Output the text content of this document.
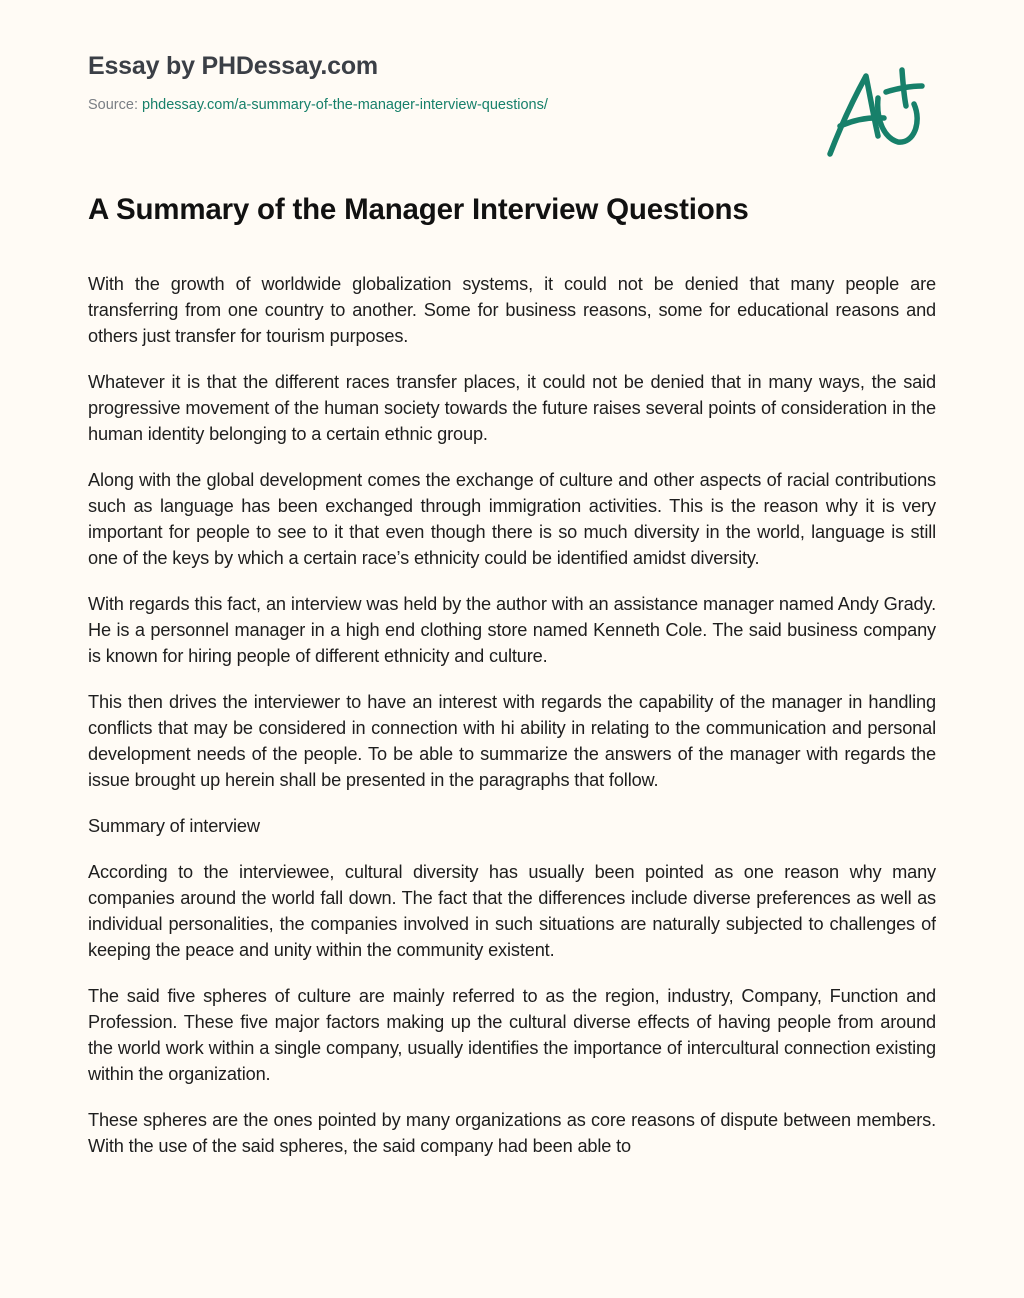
Essay by PHDessay.com
Source: phdessay.com/a-summary-of-the-manager-interview-questions/
A Summary of the Manager Interview Questions

With the growth of worldwide globalization systems, it could not be denied that many people are transferring from one country to another. Some for business reasons, some for educational reasons and others just transfer for tourism purposes.

Whatever it is that the different races transfer places, it could not be denied that in many ways, the said progressive movement of the human society towards the future raises several points of consideration in the human identity belonging to a certain ethnic group.

Along with the global development comes the exchange of culture and other aspects of racial contributions such as language has been exchanged through immigration activities. This is the reason why it is very important for people to see to it that even though there is so much diversity in the world, language is still one of the keys by which a certain race’s ethnicity could be identified amidst diversity.

With regards this fact, an interview was held by the author with an assistance manager named Andy Grady. He is a personnel manager in a high end clothing store named Kenneth Cole. The said business company is known for hiring people of different ethnicity and culture.

This then drives the interviewer to have an interest with regards the capability of the manager in handling conflicts that may be considered in connection with hi ability in relating to the communication and personal development needs of the people. To be able to summarize the answers of the manager with regards the issue brought up herein shall be presented in the paragraphs that follow.

Summary of interview

According to the interviewee, cultural diversity has usually been pointed as one reason why many companies around the world fall down. The fact that the differences include diverse preferences as well as individual personalities, the companies involved in such situations are naturally subjected to challenges of keeping the peace and unity within the community existent.

The said five spheres of culture are mainly referred to as the region, industry, Company, Function and Profession. These five major factors making up the cultural diverse effects of having people from around the world work within a single company, usually identifies the importance of intercultural connection existing within the organization.

These spheres are the ones pointed by many organizations as core reasons of dispute between members. With the use of the said spheres, the said company had been able to
